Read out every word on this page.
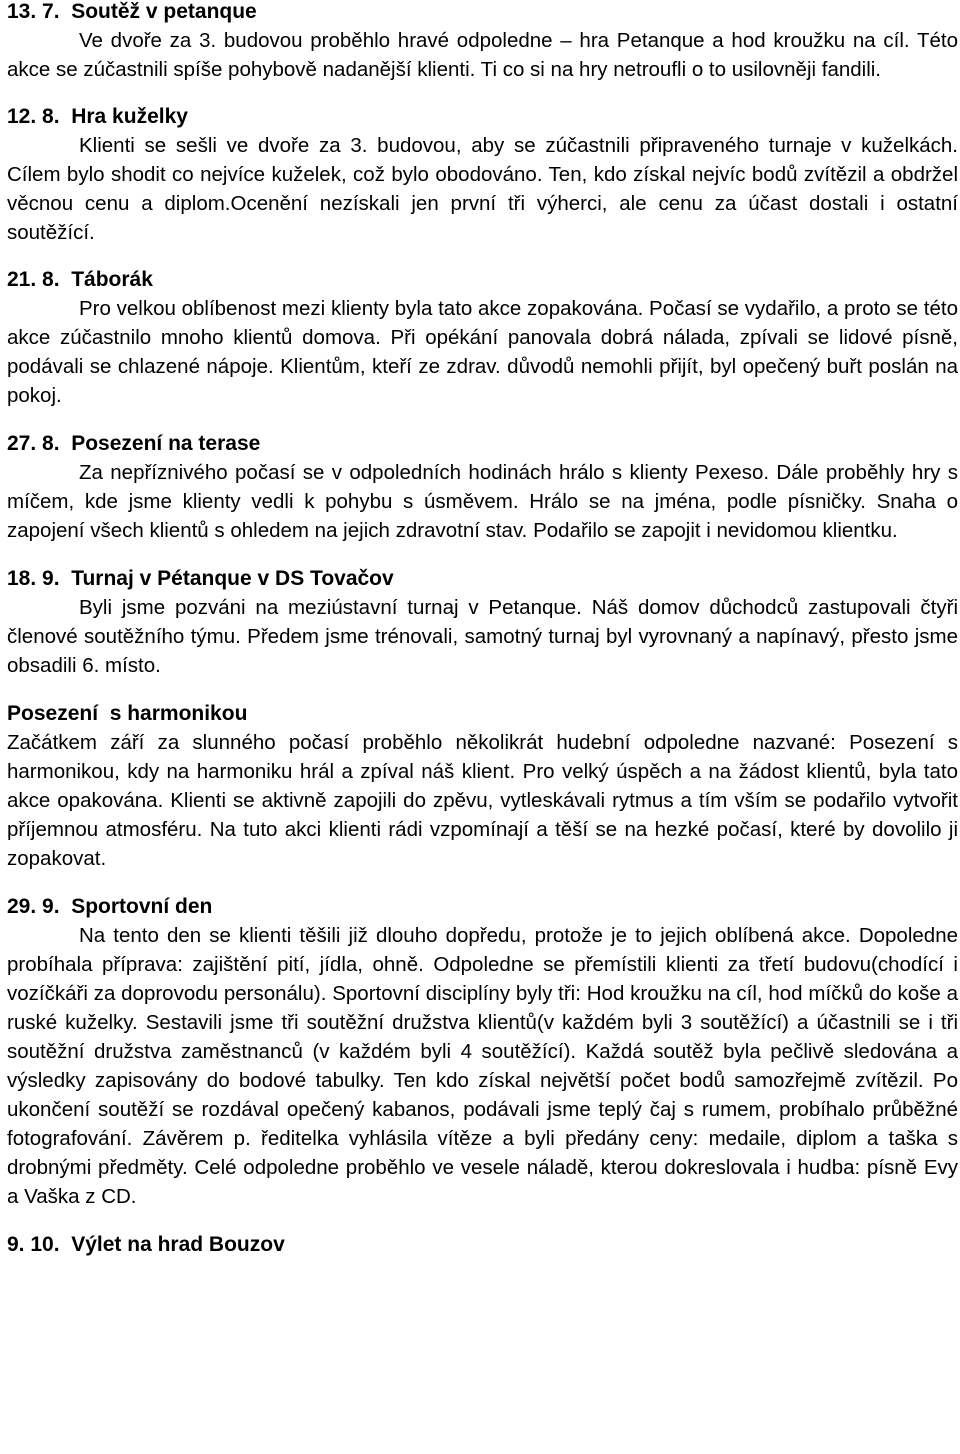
13. 7.  Soutěž v petanque
Ve dvoře za 3. budovou proběhlo hravé odpoledne – hra Petanque a hod kroužku na cíl. Této akce se zúčastnili spíše pohybově nadanější klienti. Ti co si na hry netroufli o to usilovněji fandili.
12. 8.  Hra kuželky
Klienti se sešli ve dvoře za 3. budovou, aby se zúčastnili připraveného turnaje v kuželkách. Cílem bylo shodit co nejvíce kuželek, což bylo obodováno. Ten, kdo získal nejvíc bodů zvítězil a obdržel věcnou cenu a diplom.Ocenění nezískali jen první tři výherci, ale cenu za účast dostali i ostatní soutěžící.
21. 8.  Táborák
Pro velkou oblíbenost mezi klienty byla tato akce zopakována. Počasí se vydařilo, a proto se této akce zúčastnilo mnoho klientů domova. Při opékání panovala dobrá nálada, zpívali se lidové písně, podávali se chlazené nápoje. Klientům, kteří ze zdrav. důvodů nemohli přijít, byl opečený buřt poslán na pokoj.
27. 8.  Posezení na terase
Za nepříznivého počasí se v odpoledních hodinách hrálo s klienty Pexeso. Dále proběhly hry s míčem, kde jsme klienty vedli k pohybu s úsměvem. Hrálo se na jména, podle písničky. Snaha o zapojení všech klientů s ohledem na jejich zdravotní stav. Podařilo se zapojit i nevidomou klientku.
18. 9.  Turnaj v Pétanque v DS Tovačov
Byli jsme pozváni na meziústavní turnaj v Petanque. Náš domov důchodců zastupovali čtyři členové soutěžního týmu. Předem jsme trénovali, samotný turnaj byl vyrovnaný a napínavý, přesto jsme obsadili 6. místo.
Posezení  s harmonikou
Začátkem září za slunného počasí proběhlo několikrát hudební odpoledne nazvané: Posezení s harmonikou, kdy na harmoniku hrál a zpíval náš klient. Pro velký úspěch a na žádost klientů, byla tato akce opakována. Klienti se aktivně zapojili do zpěvu, vytleskávali rytmus a tím vším se podařilo vytvořit příjemnou atmosféru. Na tuto akci klienti rádi vzpomínají a těší se na hezké počasí, které by dovolilo ji zopakovat.
29. 9.  Sportovní den
Na tento den se klienti těšili již dlouho dopředu, protože je to jejich oblíbená akce. Dopoledne probíhala příprava: zajištění pití, jídla, ohně. Odpoledne se přemístili klienti za třetí budovu(chodící i vozíčkáři za doprovodu personálu). Sportovní disciplíny byly tři: Hod kroužku na cíl, hod míčků do koše a ruské kuželky. Sestavili jsme tři soutěžní družstva klientů(v každém byli 3 soutěžící) a účastnili se i tři soutěžní družstva zaměstnanců (v každém byli 4 soutěžící). Každá soutěž byla pečlivě sledována a výsledky zapisovány do bodové tabulky. Ten kdo získal největší počet bodů samozřejmě zvítězil. Po ukončení soutěží se rozdával opečený kabanos, podávali jsme teplý čaj s rumem, probíhalo průběžné fotografování. Závěrem p. ředitelka vyhlásila vítěze a byli předány ceny: medaile, diplom a taška s drobnými předměty. Celé odpoledne proběhlo ve vesele náladě, kterou dokreslovala i hudba: písně Evy a Vaška z CD.
9. 10.  Výlet na hrad Bouzov
